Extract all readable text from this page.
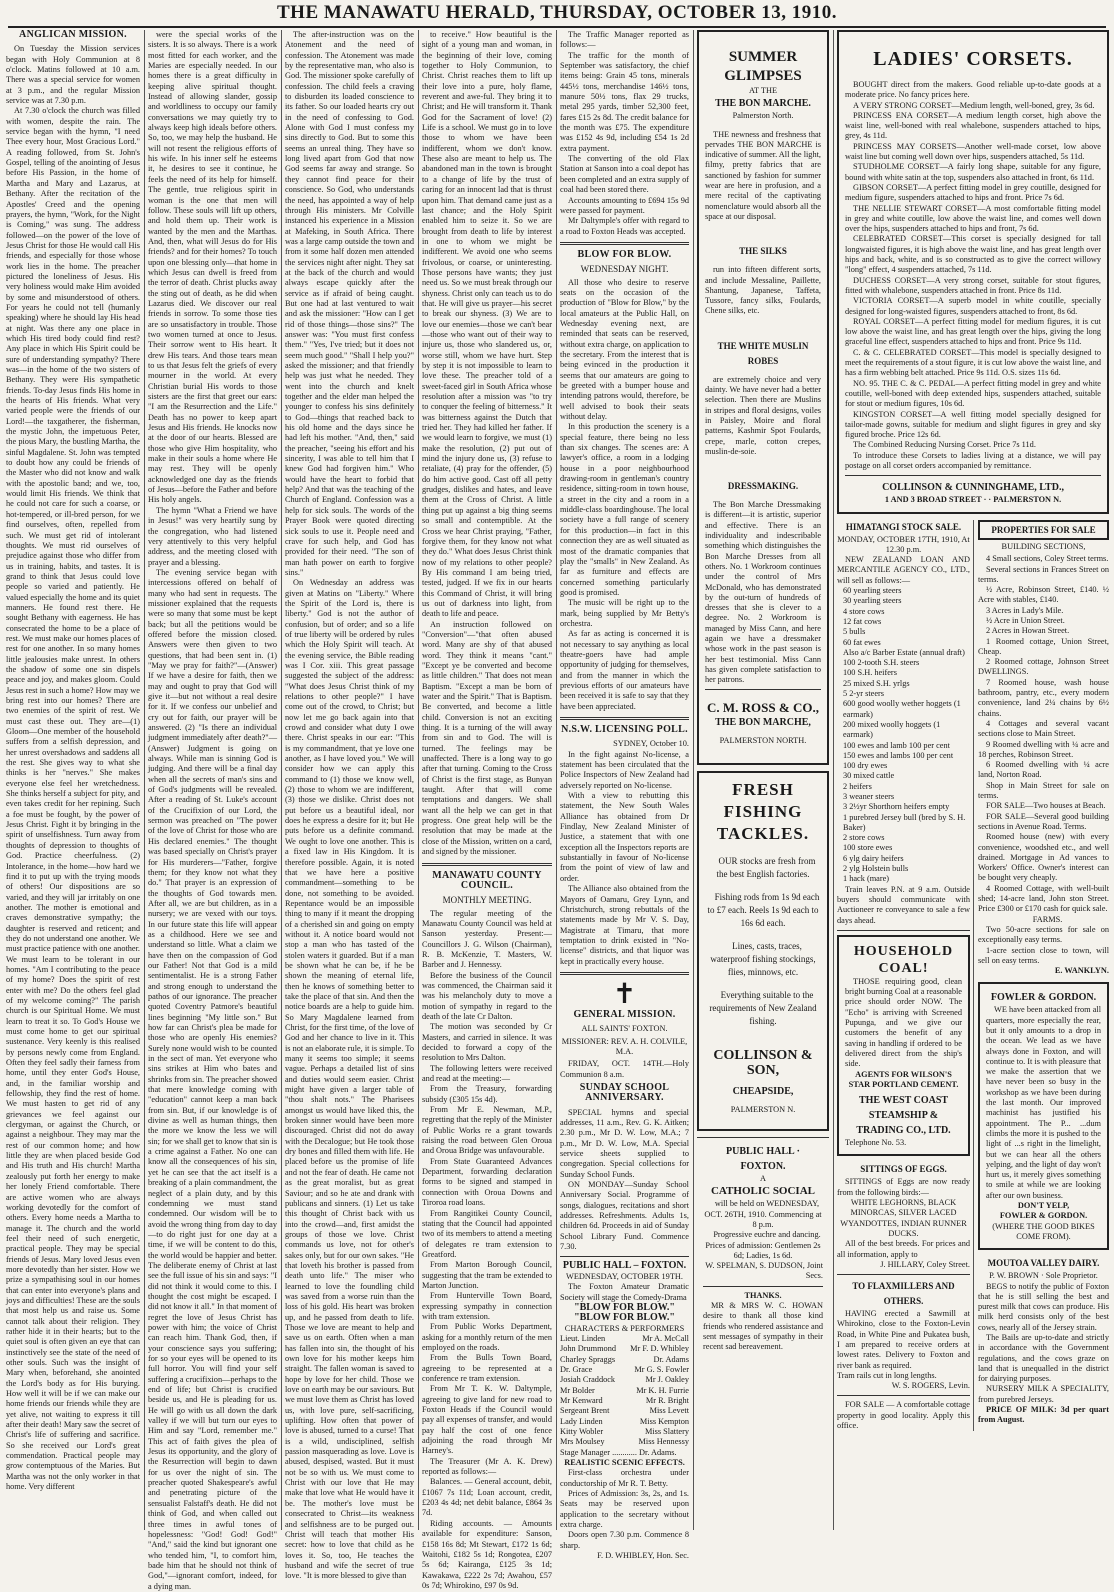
THE MANAWATU HERALD, THURSDAY, OCTOBER 13, 1910.
ANGLICAN MISSION.

On Tuesday the Mission services began with Holy Communion at 8 o'clock. Matins followed at 10 a.m. There was a special service for women at 3 p.m., and the regular Mission service was at 7.30 p.m.

At 7.30 o'clock the church was filled with women, despite the rain. The service began with the hymn, "I need Thee every hour, Most Gracious Lord." A reading followed, from St. John's Gospel, telling of the anointing of Jesus before His Passion, in the home of Martha and Mary and Lazarus, at Bethany. After the recitation of the Apostles' Creed and the opening prayers, the hymn, "Work, for the Night is Coming," was sung. The address followed—on the power of the love of Jesus Christ for those He would call His friends, and especially for those whose work lies in the home. The preacher pictured the loneliness of Jesus. His very holiness would make Him avoided by some and misunderstood of others. For years he could not tell (humanly speaking) where he should lay His head at night. Was there any one place in which His tired body could find rest? Any place in which His Spirit could be sure of understanding sympathy? There was—in the home of the two sisters of Bethany. They were His sympathetic friends. To-day Jesus finds His home in the hearts of His friends. What very varied people were the friends of our Lord!—the taxgatherer, the fisherman, the mystic John, the impetuous Peter, the pious Mary, the bustling Martha, the sinful Magdalene. St. John was tempted to doubt how any could be friends of the Master who did not know and walk with the apostolic band; and we, too, would limit His friends. We think that he could not care for such a coarse, or hot-tempered, or ill-bred person, for we find ourselves, often, repelled from such. We must get rid of intolerant thoughts. We must rid ourselves of prejudice against those who differ from us in training, habits, and tastes. It is grand to think that Jesus could love people so varied and patiently. He valued especially the home and its quiet manners. He found rest there. He sought Bethany with eagerness. He has consecrated the home to be a place of rest. We must make our homes places of rest for one another. In so many homes little jealousies make unrest. In others the shadow of some one sin dispels peace and joy, and makes gloom. Could Jesus rest in such a home? How may we bring rest into our homes? There are two enemies of the spirit of rest. We must cast these out. They are—(1) Gloom—One member of the household suffers from a selfish depression, and her unrest overshadows and saddens all the rest. She gives way to what she thinks is her "nerves." She makes everyone else feel her wretchedness. She thinks herself a subject for pity, and even takes credit for her repining. Such a foe must be fought, by the power of Jesus Christ. Fight it by bringing in the spirit of unselfishness. Turn away from thoughts of depression to thoughts of God. Practice cheerfulness. (2) Intolerance, in the home—how hard we find it to put up with the trying moods of others! Our dispositions are so varied, and they will jar irritably on one another. The mother is emotional and craves demonstrative sympathy; the daughter is reserved and reticent; and they do not understand one another. We must practice patience with one another. We must learn to be tolerant in our homes. "Am I contributing to the peace of my home? Does the spirit of rest enter with me? Do the others feel glad of my welcome coming?" The parish church is our Spiritual Home. We must learn to treat it so. To God's House we must come home to get our spiritual sustenance. Very keenly is this realised by persons newly come from England. Often they feel sadly their farness from home, until they enter God's House, and, in the familiar worship and fellowship, they find the rest of home. We must hasten to get rid of any grievances we feel against our clergyman, or against the Church, or against a neighbour. They may mar the rest of our common home; and how little they are when placed beside God and His truth and His church! Martha zealously put forth her energy to make her lonely Friend comfortable. There are active women who are always working devotedly for the comfort of others. Every home needs a Martha to manage it. The church and the world feel their need of such energetic, practical people. They may be special friends of Jesus. Mary loved Jesus even more devotedly than her sister. How we prize a sympathising soul in our homes that can enter into everyone's plans and joys and difficulties! These are the souls that most help us and raise us. Some cannot talk about their religion. They rather hide it in their hearts; but to the quiet soul is often given an eye that can instinctively see the state of the need of other souls. Such was the insight of Mary when, beforehand, she anointed the Lord's body as for His burying. How well it will be if we can make our home friends our friends while they are yet alive, not waiting to express it till after their death! Mary saw the secret of Christ's life of suffering and sacrifice. So she received our Lord's great commendation. Practical people may grow contemptuous of the Maries. But Martha was not the only worker in that home. Very different

were the special works of the sisters. It is so always. There is a work most fitted for each worker, and the Maries are especially needed. In our homes there is a great difficulty in keeping alive spiritual thought. Instead of allowing slander, gossip and worldliness to occupy our family conversations we may quietly try to always keep high ideals before others. So, too, we may help the husband. He will not resent the religious efforts of his wife. In his inner self he esteems it, he desires to see it continue, he feels the need of its help for himself. The gentle, true religious spirit in woman is the one that men will follow. These souls will lift up others, and hold them up. Their work is wanted by the men and the Marthas. And, then, what will Jesus do for His friends? and for their homes? To touch upon one blessing only—that home in which Jesus can dwell is freed from the terror of death. Christ plucks away the sting out of death, as he did when Lazarus died. We discover our real friends in sorrow. To some those ties are so unsatisfactory in trouble. Those two women turned at once to Jesus. Their sorrow went to His heart. It drew His tears. And those tears mean to us that Jesus felt the griefs of every mourner in the world. At every Christian burial His words to those sisters are the first that greet our ears: "I am the Resurrection and the Life." Death has no power to keep apart Jesus and His friends. He knocks now at the door of our hearts. Blessed are those who give Him hospitality, who make in their souls a home where He may rest. They will be openly acknowledged one day as the friends of Jesus—before the Father and before His holy angels.

The hymn "What a Friend we have in Jesus!" was very heartily sung by the congregation, who had listened very attentively to this very helpful address, and the meeting closed with prayer and a blessing.

The evening service began with intercessions offered on behalf of many who had sent in requests. The missioner explained that the requests were so many that some must be kept back; but all the petitions would be offered before the mission closed. Answers were then given to two questions, that had been sent in. (1) "May we pray for faith?"—(Answer) If we have a desire for faith, then we may and ought to pray that God will give it—but not without a real desire for it. If we confess our unbelief and cry out for faith, our prayer will be answered. (2) "Is there an individual judgment immediately after death?"—(Answer) Judgment is going on always. While man is sinning God is judging. And there will be a final day when all the secrets of man's sins and of God's judgments will be revealed. After a reading of St. Luke's account of the Crucifixion of our Lord, the sermon was preached on "The power of the love of Christ for those who are His declared enemies." The thought was based specially on Christ's prayer for His murderers—"Father, forgive them; for they know not what they do." That prayer is an expression of the thoughts of God towards men. After all, we are but children, as in a nursery; we are vexed with our toys. In our future state this life will appear as a childhood. Here we see and understand so little. What a claim we have then on the compassion of God our Father! Not that God is a mild sentimentalist. He is a strong Father and strong enough to understand the pathos of our ignorance. The preacher quoted Coventry Patmore's beautiful lines beginning "My little son." But how far can Christ's plea be made for those who are openly His enemies? Surely none would wish to be counted in the sect of man. Yet everyone who sins strikes at Him who bates and shrinks from sin. The preacher showed that mere knowledge coming with "education" cannot keep a man back from sin. But, if our knowledge is of divine as well as human things, then the more we know the less we will sin; for we shall get to know that sin is a crime against a Father. No one can know all the consequences of his sin, yet he can see that the act itself is a breaking of a plain commandment, the neglect of a plain duty, and by this condemning we must stand condemned. Our wisdom will be to avoid the wrong thing from day to day—to do right just for one day at a time, if we will be content to do this, the world would be happier and better. The deliberate enemy of Christ at last see the full issue of his sin and says: "I did not think it would come to this. I thought the cost might be escaped. I did not know it all." In that moment of regret the love of Jesus Christ has power with him; the voice of Christ can reach him. Thank God, then, if your conscience says you suffering; for so your eyes will be opened to its full horror. You will find your self suffering a crucifixion—perhaps to the end of life; but Christ is crucified beside us, and He is pleading for us. He will go with us all down the dark valley if we will but turn our eyes to Him and say "Lord, remember me." This act of faith gives the plea of Jesus its opportunity, and the glory of the Resurrection will begin to dawn for us over the night of sin. The preacher quoted Shakespeare's awful and penetrating picture of the sensualist Falstaff's death. He did not think of God, and when called out three times in awful tones of hopelessness: "God! God! God!" "And," said the kind but ignorant one who tended him, "I, to comfort him, bade him that he should not think of God,"—ignorant comfort, indeed, for a dying man.

The after-instruction was on the Atonement and the need of confession. The Atonement was made by the representative man, who also is God. The missioner spoke carefully of confession. The child feels a craving to disburden its loaded conscience to its father. So our loaded hearts cry out in the need of confessing to God. Alone with God I must confess my sins directly to God. But to some this seems an unreal thing. They have so long lived apart from God that now God seems far away and strange. So they cannot find peace for their conscience. So God, who understands the need, has appointed a way of help through His ministers. Mr Colville instanced his experience in a Mission at Mafeking, in South Africa. There was a large camp outside the town and from it some half dozen men attended the services night after night. They sat at the back of the church and would always escape quickly after the service as if afraid of being caught. But one had at last ventured to wait and ask the missioner: "How can I get rid of those things—those sins?" The answer was: "You must first confess them." "Yes, I've tried; but it does not seem much good." "Shall I help you?" asked the missioner; and that friendly help was just what he needed. They went into the church and knelt together and the elder man helped the younger to confess his sins definitely to God—things that reached back to his old home and the days since he had left his mother. "And, then," said the preacher, "seeing his effort and his sincerity, I was able to tell him that I knew God had forgiven him." Who would have the heart to forbid that help? And that was the teaching of the Church of England. Confession was a help for sick souls. The words of the Prayer Book were quoted directing sick souls to use it. People need and crave for such help, and God has provided for their need. "The son of man hath power on earth to forgive sins."

On Wednesday an address was given at Matins on "Liberty." Where the Spirit of the Lord is, there is liberty." God is not the author of confusion, but of order; and so a life of true liberty will be ordered by rules which the Holy Spirit will teach. At the evening service, the Bible reading was I Cor. xiii. This great passage suggested the subject of the address: "What does Jesus Christ think of my relations to other people?" I have come out of the crowd, to Christ; but now let me go back again into that crowd and consider what duty I owe there. Christ speaks in our ear: "This is my commandment, that ye love one another, as I have loved you." We will consider how we can apply this command to (1) those we know well, (2) those to whom we are indifferent, (3) those we dislike. Christ does not put before us a beautiful ideal, nor does he express a desire for it; but He puts before us a definite command. We ought to love one another. This is a fixed law in His Kingdom. It is therefore possible. Again, it is noted that we have here a positive commandment—something to be done, not something to be avoided. Repentance would be an impossible thing to many if it meant the dropping of a cherished sin and going on empty without it. A notice board would not stop a man who has tasted of the stolen waters it guarded. But if a man be shown what he can be, if he be shown the meaning of eternal life, then he knows of something better to take the place of that sin. And then the notice boards are a help to guide him. So Mary Magdalene learned from Christ, for the first time, of the love of God and her chance to live in it. This is not an elaborate rule, it is simple. To many it seems too simple; it seems vague. Perhaps a detailed list of sins and duties would seem easier. Christ might have given a larger table of "thou shalt nots." The Pharisees amongst us would have liked this, the broken sinner would have been more discouraged. Christ did not do away with the Decalogue; but He took those dry bones and filled them with life. He placed before us the promise of life and not the fear of death. He came not as the great moralist, but as great Saviour; and so he ate and drank with publicans and sinners. (1) Let us take this thought of Christ back with us into the crowd—and, first amidst the groups of those we love. Christ commands us love, not for other's sakes only, but for our own sakes. "He that loveth his brother is passed from death unto life." The miser who learned to love the foundling child was saved from a worse ruin than the loss of his gold. His heart was broken up, and he passed from death to life. Those we love are meant to help and save us on earth. Often when a man has fallen into sin, the thought of his own love for his mother keeps him straight. The fallen woman is saved to hope by love for her child. Those we love on earth may be our saviours. But we must love them as Christ has loved us, with love pure, self-sacrificing, uplifting. How often that power of love is abused, turned to a curse! That is a wild, undisciplined, selfish passion masquerading as love. Love is abused, despised, wasted. But it must not be so with us. We must come to Christ with our love that He may make that love what He would have it be. The mother's love must be consecrated to Christ—its weakness and selfishness are to be purged out. Christ will teach that mother His secret: how to love that child as he loves it. So, too, He teaches the husband and wife the secret of true love. "It is more blessed to give than

to receive." How beautiful is the sight of a young man and woman, in the beginning of their love, coming together to Holy Communion, to Christ. Christ reaches them to lift up their love into a pure, holy flame, reverent and awe-ful. They bring it to Christ; and He will transform it. Thank God for the Sacrament of love! (2) Life is a school. We must go in to love those to whom we have been indifferent, whom we don't know. These also are meant to help us. The abandoned man in the town is brought to a change of life by the trust of caring for an innocent lad that is thrust upon him. That demand came just as a last chance; and the Holy Spirit enabled him to seize it. So we are brought from death to life by interest in one to whom we might be indifferent. We avoid one who seems frivolous, or coarse, or uninteresting. Those persons have wants; they just need us. So we must break through our shyness. Christ only can teach us to do that. He will give us prayer—his secret to break our shyness. (3) We are to love our enemies—those we can't bear—those who want out of their way to injure us, those who slandered us, or, worse still, whom we have hurt. Step by step it is not impossible to learn to love these. The preacher told of a sweet-faced girl in South Africa whose resolution after a mission was "to try to conquer the feeling of bitterness." It was bitterness against the Dutch that tried her. They had killed her father. If we would learn to forgive, we must (1) make the resolution, (2) put out of mind the injury done us, (3) refuse to retaliate, (4) pray for the offender, (5) do him active good. Cast off all petty grudges, dislikes and hates, and leave them at the Cross of Christ. A little thing put up against a big thing seems so small and contemptible. At the Cross we hear Christ praying, "Father, forgive them, for they know not what they do." What does Jesus Christ think now of my relations to other people? By His command I am being tried, tested, judged. If we fix in our hearts this Command of Christ, it will bring us out of darkness into light, from death to life and peace.

An instruction followed on "Conversion"—"that often abused word. Many are shy of that abused word. They think it means "cant." "Except ye be converted and become as little children." That does not mean Baptism. "Except a man be born of water and the Spirit." That is Baptism. Be converted, and become a little child. Conversion is not an exciting thing. It is a turning of the will away from sin and to God. The will is turned. The feelings may be unaffected. There is a long way to go after that turning. Coming to the Cross of Christ is the first stage, as Bunyan taught. After that will come temptations and dangers. We shall want all the help we can get in that progress. One great help will be the resolution that may be made at the close of the Mission, written on a card, and signed by the missioner.

MANAWATU COUNTY COUNCIL.
MONTHLY MEETING.

The regular meeting of the Manawatu County Council was held at Sanson yesterday. Present:—Councillors J. G. Wilson (Chairman), R. B. McKenzie, T. Masters, W. Barber and J. Hennessy.

Before the business of the Council was commenced, the Chairman said it was his melancholy duty to move a motion of sympathy in regard to the death of the late Cr Dalton.

The motion was seconded by Cr Masters, and carried in silence. It was decided to forward a copy of the resolution to Mrs Dalton.

The following letters were received and read at the meeting:—

From the Treasury, forwarding subsidy (£305 15s 4d).

From Mr E. Newman, M.P., regretting that the reply of the Minister of Public Works re a grant towards raising the road between Glen Oroua and Oroua Bridge was unfavourable.

From State Guaranteed Advances Department, forwarding declaration forms to be signed and stamped in connection with Oroua Downs and Tiroroa road loans.

From Rangitikei County Council, stating that the Council had appointed two of its members to attend a meeting of delegates re tram extension to Greatford.

From Marton Borough Council, suggesting that the tram be extended to Marton Junction.

From Hunterville Town Board, expressing sympathy in connection with tram extension.

From Public Works Department, asking for a monthly return of the men employed on the roads.

From the Bulls Town Board, agreeing to be represented at a conference re tram extension.

From Mr T. K. W. Daltymple, agreeing to give land for new road to Foxton Heads if the Council would pay all expenses of transfer, and would pay half the cost of one fence adjoining the road through Mr Harney's.

The Treasurer (Mr A. K. Drew) reported as follows:—

Balances. — General account, debit, £1067 7s 11d; Loan account, credit, £203 4s 4d; net debit balance, £864 3s 7d.

Riding accounts. — Amounts available for expenditure: Sanson, £158 16s 8d; Mt Stewart, £172 1s 6d; Waitohi, £182 5s 1d; Rongotea, £207 5s 6d; Kairanga, £125 3s 1d; Kawakawa, £222 2s 7d; Awahou, £57 0s 7d; Whirokino, £97 0s 9d.

The Traffic Manager reported as follows:—

The traffic for the month of September was satisfactory, the chief items being: Grain 45 tons, minerals 445½ tons, merchandise 146½ tons, manure 50½ tons, flax 29 trucks, metal 295 yards, timber 52,300 feet, fares £15 2s 8d. The credit balance for the month was £75. The expenditure was £152 4s 9d, including £54 1s 2d extra payment.

The converting of the old Flax Station at Sanson into a coal depot has been completed and an extra supply of coal had been stored there.

Accounts amounting to £694 15s 9d were passed for payment.

Mr Daltymple's offer with regard to a road to Foxton Heads was accepted.

BLOW FOR BLOW.
WEDNESDAY NIGHT.

All those who desire to reserve seats on the occasion of the production of "Blow for Blow," by the local amateurs at the Public Hall, on Wednesday evening next, are reminded that seats can be reserved, without extra charge, on application to the secretary. From the interest that is being evinced in the production it seems that our amateurs are going to be greeted with a bumper house and intending patrons would, therefore, be well advised to book their seats without delay.

In this production the scenery is a special feature, there being no less than six changes. The scenes are: A lawyer's office, a room in a lodging house in a poor neighbourhood drawing-room in gentleman's country residence, sitting-room in town house, a street in the city and a room in a middle-class boardinghouse. The local society have a full range of scenery for this production—in fact in this connection they are as well situated as most of the dramatic companies that play the "smalls" in New Zealand. As far as furniture and effects are concerned something particularly good is promised.

The music will be right up to the mark, being supplied by Mr Betty's orchestra.

As far as acting is concerned it is not necessary to say anything as local theatre-goers have had ample opportunity of judging for themselves, and from the manner in which the previous efforts of our amateurs have been received it is safe to say that they have been appreciated.

N.S.W. LICENSING POLL.
SYDNEY, October 10.

In the fight against No-license, a statement has been circulated that the Police Inspectors of New Zealand had adversely reported on No-license.

With a view to rebutting this statement, the New South Wales Alliance has obtained from Dr Findlay, New Zealand Minister of Justice, a statement that with one exception all the Inspectors reports are substantially in favour of No-license from the point of view of law and order.

The Alliance also obtained from the Mayors of Oamaru, Grey Lynn, and Christchurch, strong rebuttals of the statements made by Mr V. S. Day, Magistrate at Timaru, that more temptation to drink existed in "No-license" districts, and that liquor was kept in practically every house.

✝
GENERAL MISSION.
ALL SAINTS' FOXTON.
MISSIONER: REV. A. H. COLVILE, M.A.

FRIDAY, OCT. 14TH.—Holy Communion 8 a.m.

SUNDAY SCHOOL ANNIVERSARY.

SPECIAL hymns and special addresses, 11 a.m., Rev. G. K. Aitken; 2.30 p.m., Mr D. W. Low, M.A.; 7 p.m., Mr D. W. Low, M.A. Special service sheets supplied to congregation. Special collections for Sunday School Funds.

ON MONDAY—Sunday School Anniversary Social. Programme of songs, dialogues, recitations and short addresses. Refreshments. Adults 1s, children 6d. Proceeds in aid of Sunday School Library Fund. Commence 7.30.

PUBLIC HALL – FOXTON.
WEDNESDAY, OCTOBER 19TH.

The Foxton Amateur Dramatic Society will stage the Comedy-Drama

"BLOW FOR BLOW."
"BLOW FOR BLOW."
CHARACTERS & PERFORMERS
Lieut. Linden	Mr A. McCall
John Drummond Mr F. D. Whibley
Charley Spraggs	Dr. Adams
Dr. Grace	Mr G. S. Fowler
Josiah Craddock	Mr J. Oakley
Mr Bolder	Mr K. H. Furrie
Mr Kenward	Mr R. Bright
Sergeant Brent	Miss Levett
Lady Linden	Miss Kempton
Kitty Wobler	Miss Slattery
Mrs Moulsey	Miss Hennessy
Stage Manager ............ Dr. Adams.
REALISTIC SCENIC EFFECTS.

First-class orchestra under conductorship of Mr R. T. Betty.

Prices of Admission: 3s, 2s, and 1s. Seats may be reserved upon application to the secretary without extra charge.

Doors open 7.30 p.m. Commence 8 sharp.

F. D. WHIBLEY, Hon. Sec.
SUMMER GLIMPSES
AT THE
THE BON MARCHE.
Palmerston North.

THE newness and freshness that pervades THE BON MARCHE is indicative of summer. All the light, filmy, pretty fabrics that are sanctioned by fashion for summer wear are here in profusion, and a mere recital of the captivating nomenclature would absorb all the space at our disposal.

THE SILKS

run into fifteen different sorts, and include Messaline, Paillette, Shantung, Japanese, Taffeta, Tussore, fancy silks, Foulards, Chene silks, etc.

THE WHITE MUSLIN ROBES

are extremely choice and very dainty. We have never had a better selection. Then there are Muslins in stripes and floral designs, voiles in Paisley, Moire and floral patterns, Kashmir Spot Foulards, crepe, marle, cotton crepes, muslin-de-soie.

DRESSMAKING.

The Bon Marche Dressmaking is different—it is artistic, superior and effective. There is an individuality and indescribable something which distinguishes the Bon Marche Dresses from all others. No. 1 Workroom continues under the control of Mrs McDonald, who has demonstrated by the out-turn of hundreds of dresses that she is clever to a degree. No. 2 Workroom is managed by Miss Cann, and here again we have a dressmaker whose work in the past season is her best testimonial. Miss Cann has given complete satisfaction to her patrons.

C. M. ROSS & CO.,
THE BON MARCHE,
PALMERSTON NORTH.
FRESH FISHING TACKLES.

OUR stocks are fresh from the best English factories.

Fishing rods from 1s 9d each to £7 each. Reels 1s 9d each to 16s 6d each.

Lines, casts, traces, waterproof fishing stockings, flies, minnows, etc.

Everything suitable to the requirements of New Zealand fishing.

COLLINSON & SON,
CHEAPSIDE,
PALMERSTON N.
PUBLIC HALL · FOXTON.
A
CATHOLIC SOCIAL

will be held on WEDNESDAY, OCT. 26TH, 1910. Commencing at 8 p.m.

Progressive euchre and dancing. Prices of admission: Gentlemen 2s 6d; Ladies, 1s 6d.

W. SPELMAN, S. DUDSON, Joint Secs.
THANKS.

MR & MRS W. C. HOWAN desire to thank all those kind friends who rendered assistance and sent messages of sympathy in their recent sad bereavement.

LADIES' CORSETS.

BOUGHT direct from the makers. Good reliable up-to-date goods at a moderate price. No fancy prices here.

A VERY STRONG CORSET—Medium length, well-boned, grey, 3s 6d.

PRINCESS ENA CORSET—A medium length corset, high above the waist line, well-boned with real whalebone, suspenders attached to hips, grey, 4s 11d.

PRINCESS MAY CORSETS—Another well-made corset, low above waist line but coming well down over hips, suspenders attached, 5s 11d.

STUDHOLME CORSET—A fairly long shape, suitable for any figure, bound with white satin at the top, suspenders also attached in front, 6s 11d.

GIBSON CORSET—A perfect fitting model in grey coutille, designed for medium figure, suspenders attached to hips and front. Price 7s 6d.

THE NELLIE STEWART CORSET—A most comfortable fitting model in grey and white coutille, low above the waist line, and comes well down over the hips, suspenders attached to hips and front, 7s 6d.

CELEBRATED CORSET—This corset is specially designed for tall longwaisted figures, it is high above the waist line, and has great length over hips and back, white, and is so constructed as to give the correct willowy "long" effect, 4 suspenders attached, 7s 11d.

DUCHESS CORSET—A very strong corset, suitable for stout figures, fitted with whalebone, suspenders attached in front. Price 8s 11d.

VICTORIA CORSET—A superb model in white coutille, specially designed for long-waisted figures, suspenders attached to front, 8s 6d.

ROYAL CORSET—A perfect fitting model for medium figures, it is cut low above the waist line, and has great length over the hips, giving the long graceful line effect, suspenders attached to hips and front. Price 9s 11d.

C. & C. CELEBRATED CORSET—This model is specially designed to meet the requirements of a stout figure, it is cut low above the waist line, and has a firm webbing belt attached. Price 9s 11d. O.S. sizes 11s 6d.

NO. 95. THE C. & C. PEDAL—A perfect fitting model in grey and white coutille, well-boned with deep extended hips, suspenders attached, suitable for stout or medium figures, 10s 6d.

KINGSTON CORSET—A well fitting model specially designed for tailor-made gowns, suitable for medium and slight figures in grey and sky figured broche. Price 12s 6d.

The Combined Reducing Nursing Corset. Price 7s 11d.

To introduce these Corsets to ladies living at a distance, we will pay postage on all corset orders accompanied by remittance.

COLLINSON & CUNNINGHAME, LTD.,
1 AND 3 BROAD STREET · · PALMERSTON N.
HIMATANGI STOCK SALE.
MONDAY, OCTOBER 17TH, 1910, At 12.30 p.m.

NEW ZEALAND LOAN AND MERCANTILE AGENCY CO., LTD., will sell as follows:—

60 yearling steers
30 yearling steers
4 store cows
12 fat cows
5 bulls
60 fat ewes
Also a/c Barber Estate (annual draft)
100 2-tooth S.H. steers
100 S.H. heifers
25 mixed S.H. yrlgs
5 2-yr steers
600 good woolly wether hoggets (1 earmark)
200 mixed woolly hoggets (1 earmark)
100 ewes and lamb 100 per cent
150 ewes and lambs 100 per cent
100 dry ewes
30 mixed cattle
2 heifers
3 weaner steers
3 2½yr Shorthorn heifers empty
1 purebred Jersey bull (bred by S. H. Baker)
2 store cows
100 store ewes
6 ylg dairy heifers
2 ylg Holstein bulls
1 hack (mare)

Train leaves P.N. at 9 a.m. Outside buyers should communicate with Auctioneer re conveyance to sale a few days ahead.

HOUSEHOLD COAL!

THOSE requiring good, clean bright burning Coal at a reasonable price should order NOW. The "Echo" is arriving with Screened Pupunga, and we give our customers the benefit of any saving in handling if ordered to be delivered direct from the ship's side.

AGENTS FOR WILSON'S STAR PORTLAND CEMENT.
THE WEST COAST STEAMSHIP & TRADING CO., LTD.
Telephone No. 53.
SITTINGS OF EGGS.

SITTINGS of Eggs are now ready from the following birds:—

WHITE LEGHORNS, BLACK MINORCAS, SILVER LACED WYANDOTTES, INDIAN RUNNER DUCKS.

All of the best breeds. For prices and all information, apply to

J. HILLARY, Coley Street.
TO FLAXMILLERS AND OTHERS.

HAVING erected a Sawmill at Whirokino, close to the Foxton-Levin Road, in White Pine and Pukatea bush, I am prepared to receive orders at lowest rates. Delivery to Foxton and river bank as required.

Tram rails cut in long lengths.
W. S. ROGERS, Levin.

FOR SALE — A comfortable cottage property in good locality. Apply this office.

PROPERTIES FOR SALE
BUILDING SECTIONS,

4 Small sections, Coley Street terms.

Several sections in Frances Street on terms.

½ Acre, Robinson Street, £140. ½ Acre with stables, £140.

3 Acres in Lady's Mile.

½ Acre in Union Street.

2 Acres in Howan Street.

1 Roomed cottage, Union Street, Cheap.

2 Roomed cottage, Johnson Street DWELLINGS.

7 Roomed house, wash house bathroom, pantry, etc., every modern convenience, land 2¼ chains by 6½ chains.

4 Cottages and several vacant sections close to Main Street.

9 Roomed dwelling with ¼ acre and 18 perches, Robinson Street.

6 Roomed dwelling with ¼ acre land, Norton Road.

Shop in Main Street for sale on terms.

FOR SALE—Two houses at Beach.

FOR SALE—Several good building sections in Avenue Road. Terms.

Roomed house (new) with every convenience, woodshed etc., and well drained. Mortgage in Ad vances to Workers' Office. Owner's interest can be bought very cheaply.

4 Roomed Cottage, with well-built shed; 14-acre land, John ston Street. Price £300 or £170 cash for quick sale.

FARMS.

Two 50-acre sections for sale on exceptionally easy terms.

1-acre section close to town, will sell on easy terms.

E. WANKLYN.
FOWLER & GORDON.

WE have been attacked from all quarters, more especially the rear, but it only amounts to a drop in the ocean. We lead as we have always done in Foxton, and will continue to. It is with pleasure that we make the assertion that we have never been so busy in the workshop as we have been during the last month. Our improved machinist has justified his appointment. The P... ...dum climbs the more it is pushed to the light of ...s right in the limelight, but we can hear all the others yelping, and the light of day won't hurt us, it merely gives something to smile at while we are looking after our own business.

DON'T YELP,
FOWLER & GORDON.
(WHERE THE GOOD BIKES COME FROM).
MOUTOA VALLEY DAIRY.
P. W. BROWN · Sole Proprietor.

BEGS to notify the public of Foxton that he is still selling the best and purest milk that cows can produce. His milk herd consists only of the best cows, nearly all of the Jersey strain.

The Bails are up-to-date and strictly in accordance with the Government regulations, and the cows graze on land that is unequalled in the district for dairying purposes.

NURSERY MILK A SPECIALITY, from purebred Jerseys.

PRICE OF MILK: 3d per quart from August.
